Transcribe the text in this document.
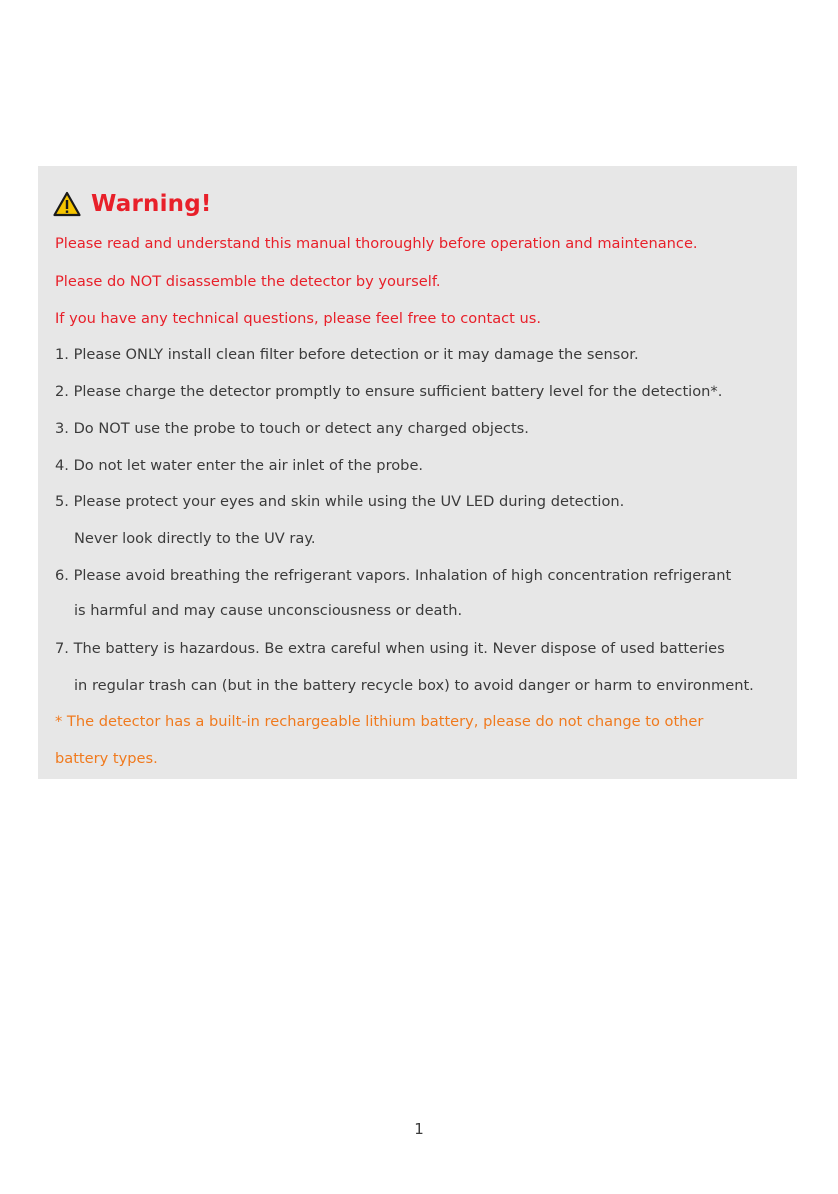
Warning!
Please read and understand this manual thoroughly before operation and maintenance.
Please do NOT disassemble the detector by yourself.
If you have any technical questions, please feel free to contact us.
1. Please ONLY install clean filter before detection or it may damage the sensor.
2. Please charge the detector promptly to ensure sufficient battery level for the detection*.
3. Do NOT use the probe to touch or detect any charged objects.
4. Do not let water enter the air inlet of the probe.
5. Please protect your eyes and skin while using the UV LED during detection.
Never look directly to the UV ray.
6. Please avoid breathing the refrigerant vapors. Inhalation of high concentration refrigerant
is harmful and may cause unconsciousness or death.
7. The battery is hazardous. Be extra careful when using it. Never dispose of used batteries
in regular trash can (but in the battery recycle box) to avoid danger or harm to environment.
* The detector has a built-in rechargeable lithium battery, please do not change to other
battery types.
1
